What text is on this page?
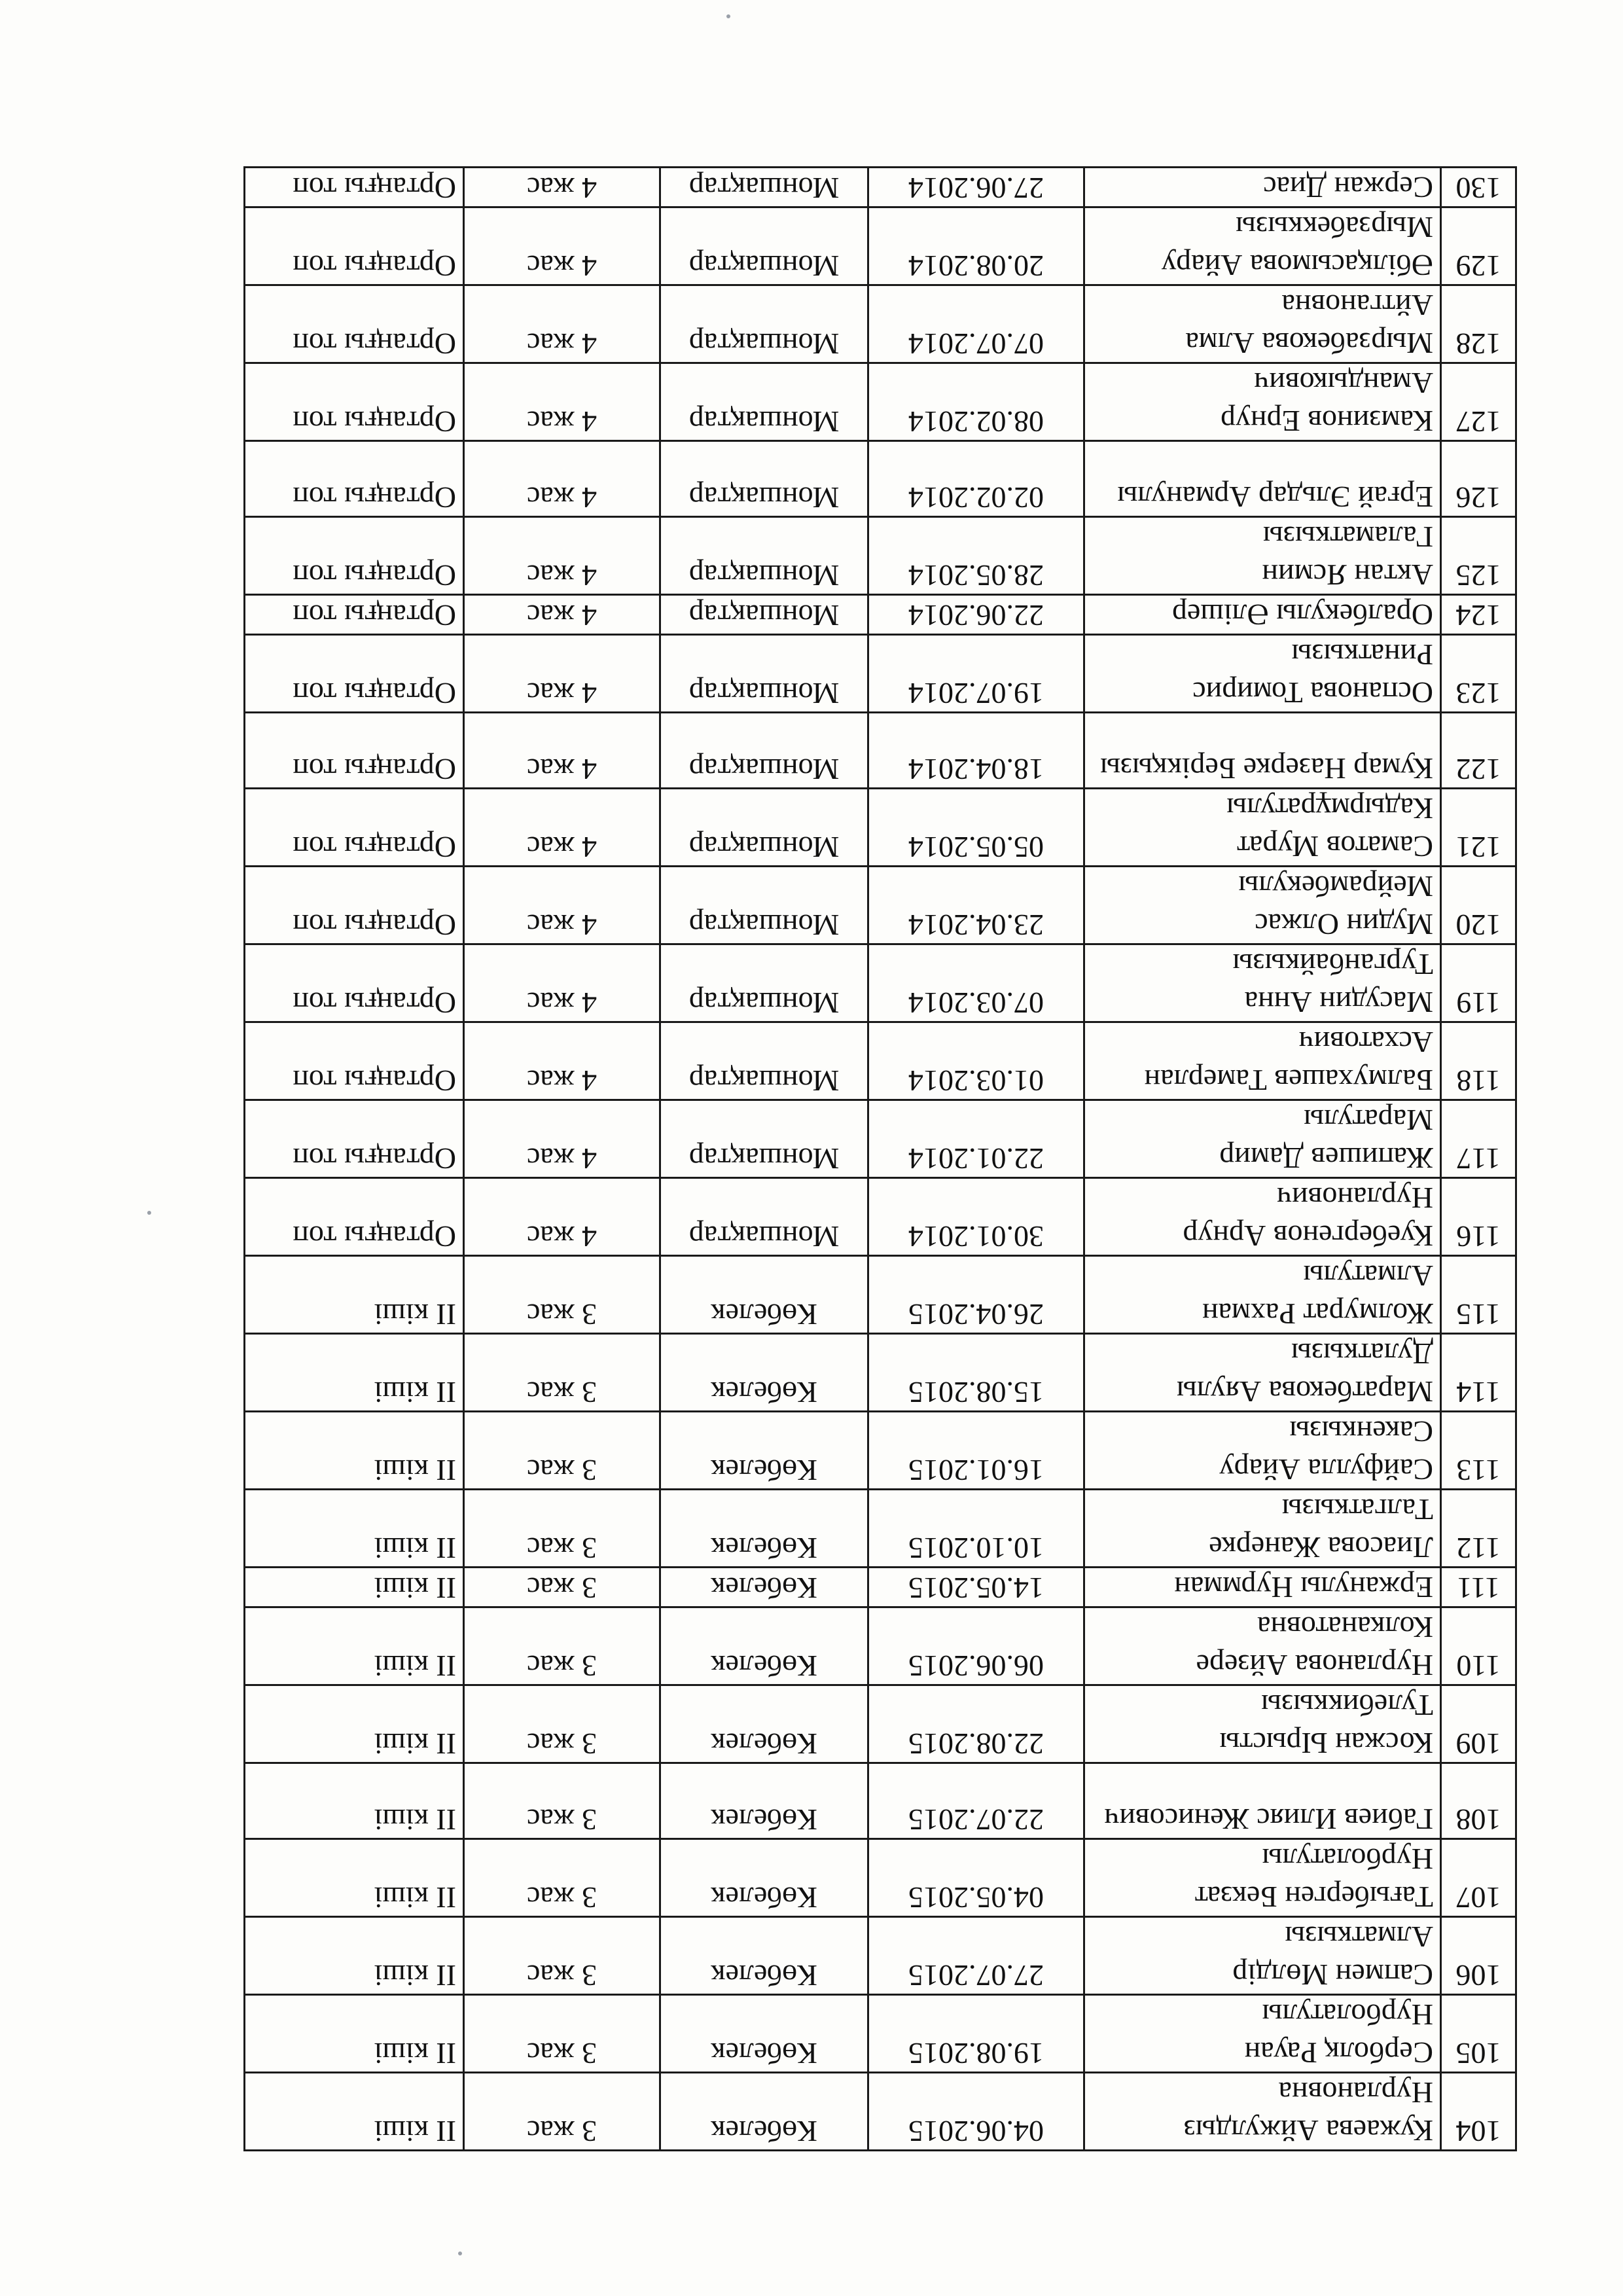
104	Кужаева Айжулдыз Нурлановна	04.06.2015	Көбелек	3 жас	II кіші
105	Серболқ Рауан Нурболатулы	19.08.2015	Көбелек	3 жас	II кіші
106	Сапмен Мөлдір Алматкызы	27.07.2015	Көбелек	3 жас	II кіші
107	Тағыберген Бекзат Нурболатулы	04.05.2015	Көбелек	3 жас	II кіші
108	Габиев Илияс Женисович	22.07.2015	Көбелек	3 жас	II кіші
109	Косжан Ырысты Тулебиккызы	22.08.2015	Көбелек	3 жас	II кіші
110	Нурланова Айзере Колканатовна	06.06.2015	Көбелек	3 жас	II кіші
111	Ержанулы Нурмман	14.05.2015	Көбелек	3 жас	II кіші
112	Лиасова Жанерке Талгаткызы	10.10.2015	Көбелек	3 жас	II кіші
113	Сайфулла Айару Сакенкызы	16.01.2015	Көбелек	3 жас	II кіші
114	Маратбекова Аяулы Дулаткызы	15.08.2015	Көбелек	3 жас	II кіші
115	Жолмурат Рахман Алматулы	26.04.2015	Көбелек	3 жас	II кіші
116	Куебергенов Арнур Нурланович	30.01.2014	Моншақтар	4 жас	Ортаңғы топ
117	Жапишев Дамир Маратулы	22.01.2014	Моншақтар	4 жас	Ортаңғы топ
118	Балмухашев Тамерлан Асхатович	01.03.2014	Моншақтар	4 жас	Ортаңғы топ
119	Масудин Анна Турганбайкызы	07.03.2014	Моншақтар	4 жас	Ортаңғы топ
120	Мудин Олжас Мейрамбекулы	23.04.2014	Моншақтар	4 жас	Ортаңғы топ
121	Саматов Мурат Кадырмұратулы	05.05.2014	Моншақтар	4 жас	Ортаңғы топ
122	Кумар Назерке Берікқызы	18.04.2014	Моншақтар	4 жас	Ортаңғы топ
123	Оспанова Томирис Ринаткызы	19.07.2014	Моншақтар	4 жас	Ортаңғы топ
124	Оралбекулы Әлішер	22.06.2014	Моншақтар	4 жас	Ортаңғы топ
125	Актан Ясмин Галаматкызы	28.05.2014	Моншақтар	4 жас	Ортаңғы топ
126	Ерғай Эльдар Арманулы	02.02.2014	Моншақтар	4 жас	Ортаңғы топ
127	Камзинов Ернур Амандыкович	08.02.2014	Моншақтар	4 жас	Ортаңғы топ
128	Мырзабекова Алма Айтгановна	07.07.2014	Моншақтар	4 жас	Ортаңғы топ
129	Әбілқасымова Айару Мырзабеккызы	20.08.2014	Моншақтар	4 жас	Ортаңғы топ
130	Сержан Диас	27.06.2014	Моншақтар	4 жас	Ортаңғы топ
